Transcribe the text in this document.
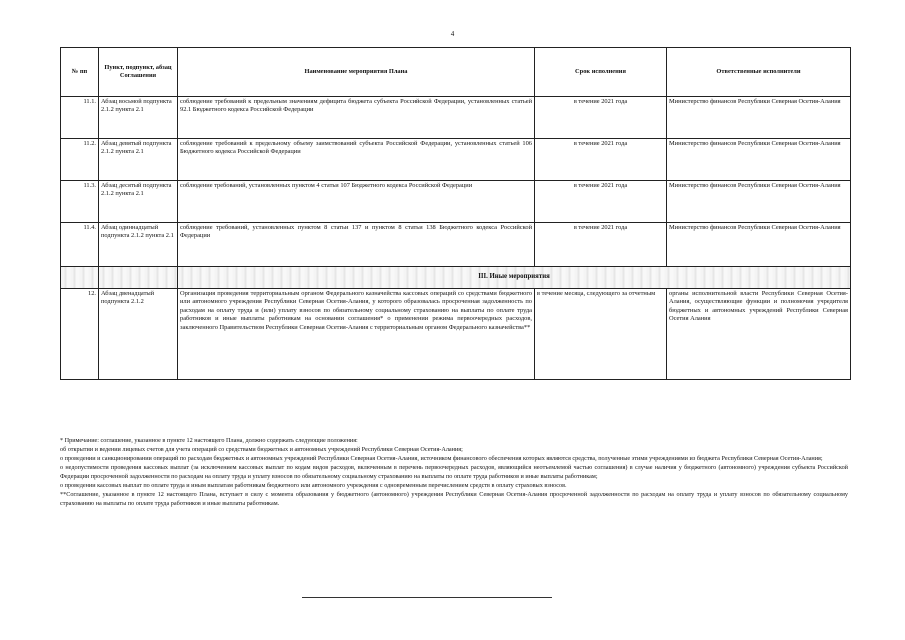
4
№ пп	Пункт, подпункт, абзац Соглашения	Наименование мероприятия Плана	Срок исполнения	Ответственные исполнители
11.1.	Абзац восьмой подпункта 2.1.2 пункта 2.1	соблюдение требований к предельным значениям дефицита бюджета субъекта Российской Федерации, установленных статьей 92.1 Бюджетного кодекса Российской Федерации	в течение 2021 года	Министерство финансов Республики Северная Осетия-Алания
11.2.	Абзац девятый подпункта 2.1.2 пункта 2.1	соблюдение требований к предельному объему заимствований субъекта Российской Федерации, установленных статьей 106 Бюджетного кодекса Российской Федерации	в течение 2021 года	Министерство финансов Республики Северная Осетия-Алания
11.3.	Абзац десятый подпункта 2.1.2 пункта 2.1	соблюдение требований, установленных пунктом 4 статьи 107 Бюджетного кодекса Российской Федерации	в течение 2021 года	Министерство финансов Республики Северная Осетия-Алания
11.4.	Абзац одиннадцатый подпункта 2.1.2 пункта 2.1	соблюдение требований, установленных пунктом 8 статьи 137 и пунктом 8 статьи 138 Бюджетного кодекса Российской Федерации	в течение 2021 года	Министерство финансов Республики Северная Осетия-Алания
		III. Иные мероприятия		
12.	Абзац двенадцатый подпункта 2.1.2	Организация проведения территориальным органом Федерального казначейства кассовых операций со средствами бюджетного или автономного учреждения Республики Северная Осетия-Алания, у которого образовалась просроченная задолженность по расходам на оплату труда и (или) уплату взносов по обязательному социальному страхованию на выплаты по оплате труда работников и иные выплаты работникам на основании соглашения* о применении режима первоочередных расходов, заключенного Правительством Республики Северная Осетия-Алания с территориальным органом Федерального казначейства**	в течение месяца, следующего за отчетным	органы исполнительной власти Республики Северная Осетия-Алания, осуществляющие функции и полномочия учредителя бюджетных и автономных учреждений Республики Северная Осетия Алания

* Примечание: соглашение, указанное в пункте 12 настоящего Плана, должно содержать следующие положения:

об открытии и ведении лицевых счетов для учета операций со средствами бюджетных и автономных учреждений Республики Северная Осетия-Алания;

о проведении и санкционировании операций по расходам бюджетных и автономных учреждений Республики Северная Осетия-Алания, источником финансового обеспечения которых являются средства, полученные этими учреждениями из бюджета Республики Северная Осетия-Алания;

о недопустимости проведения кассовых выплат (за исключением кассовых выплат по кодам видов расходов, включенным в перечень первоочередных расходов, являющийся неотъемлемой частью соглашения) в случае наличия у бюджетного (автономного) учреждения субъекта Российской Федерации просроченной задолженности по расходам на оплату труда и уплату взносов по обязательному социальному страхованию на выплаты по оплате труда работников и иные выплаты работникам;

о проведении кассовых выплат по оплате труда и иным выплатам работникам бюджетного или автономного учреждения с одновременным перечислением средств в оплату страховых взносов.

**Соглашение, указанное в пункте 12 настоящего Плана, вступает в силу с момента образования у бюджетного (автономного) учреждения Республики Северная Осетия-Алания просроченной задолженности по расходам на оплату труда и уплату взносов по обязательному социальному страхованию на выплаты по оплате труда работников и иные выплаты работникам.
